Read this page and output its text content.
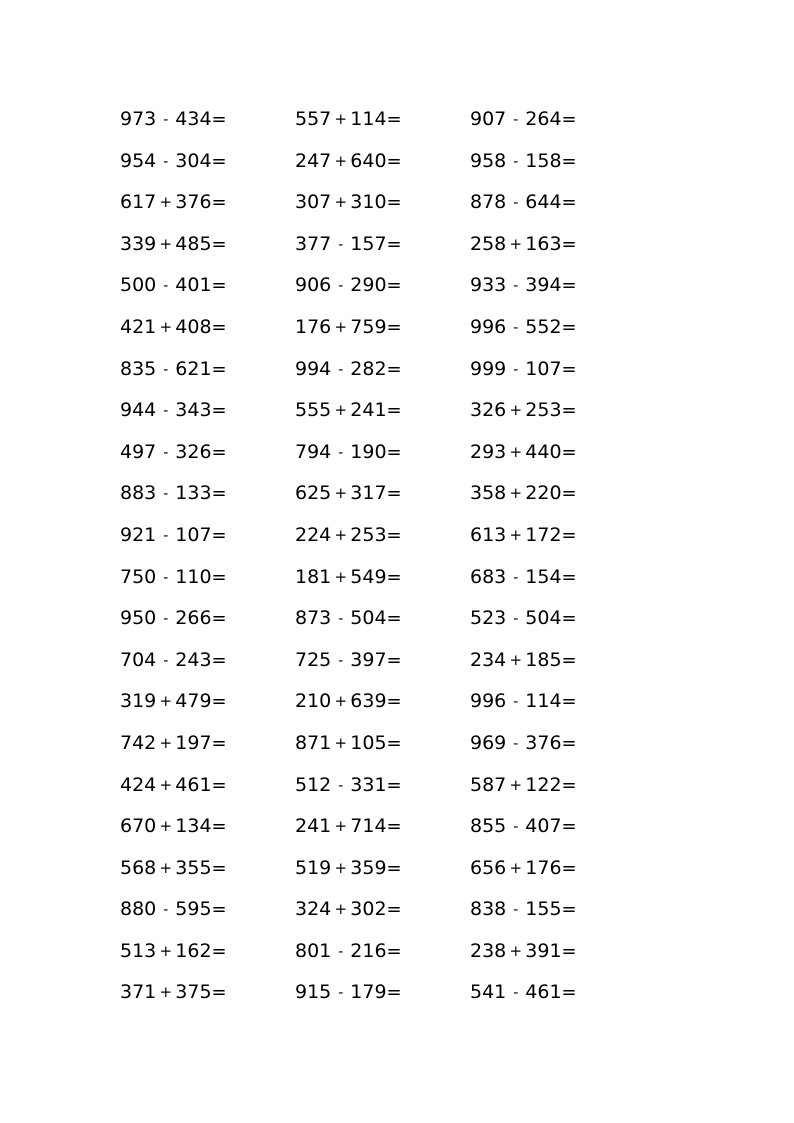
973 - 434=
954 - 304=
617 + 376=
339 + 485=
500 - 401=
421 + 408=
835 - 621=
944 - 343=
497 - 326=
883 - 133=
921 - 107=
750 - 110=
950 - 266=
704 - 243=
319 + 479=
742 + 197=
424 + 461=
670 + 134=
568 + 355=
880 - 595=
513 + 162=
371 + 375=
557 + 114=
247 + 640=
307 + 310=
377 - 157=
906 - 290=
176 + 759=
994 - 282=
555 + 241=
794 - 190=
625 + 317=
224 + 253=
181 + 549=
873 - 504=
725 - 397=
210 + 639=
871 + 105=
512 - 331=
241 + 714=
519 + 359=
324 + 302=
801 - 216=
915 - 179=
907 - 264=
958 - 158=
878 - 644=
258 + 163=
933 - 394=
996 - 552=
999 - 107=
326 + 253=
293 + 440=
358 + 220=
613 + 172=
683 - 154=
523 - 504=
234 + 185=
996 - 114=
969 - 376=
587 + 122=
855 - 407=
656 + 176=
838 - 155=
238 + 391=
541 - 461=
